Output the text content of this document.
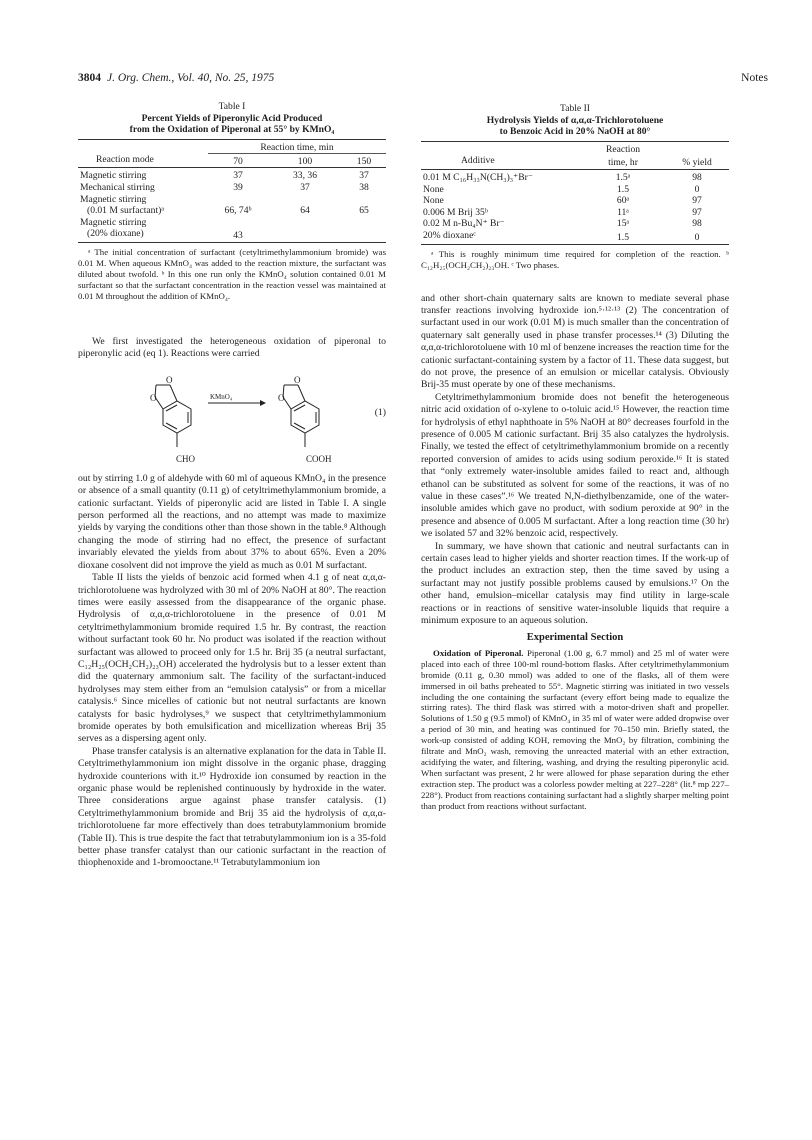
3804 J. Org. Chem., Vol. 40, No. 25, 1975	Notes
Table I
Percent Yields of Piperonylic Acid Produced
from the Oxidation of Piperonal at 55° by KMnO₄
	Reaction time, min		
Reaction mode	70	100	150
Magnetic stirring	37	33, 36	37
Mechanical stirring	39	37	38
Magnetic stirring			
(0.01 M surfactant)ᵃ	66, 74ᵇ	64	65
Magnetic stirring			
(20% dioxane)	43		
ᵃ The initial concentration of surfactant (cetyltrimethylammonium bromide) was 0.01 M. When aqueous KMnO₄ was added to the reaction mixture, the surfactant was diluted about twofold. ᵇ In this one run only the KMnO₄ solution contained 0.01 M surfactant so that the surfactant concentration in the reaction vessel was maintained at 0.01 M throughout the addition of KMnO₄.

We first investigated the heterogeneous oxidation of piperonal to piperonylic acid (eq 1). Reactions were carried

O
O
O
O
KMnO₄
CHO	COOH
(1)

out by stirring 1.0 g of aldehyde with 60 ml of aqueous KMnO₄ in the presence or absence of a small quantity (0.11 g) of cetyltrimethylammonium bromide, a cationic surfactant. Yields of piperonylic acid are listed in Table I. A single person performed all the reactions, and no attempt was made to maximize yields by varying the conditions other than those shown in the table.⁸ Although changing the mode of stirring had no effect, the presence of surfactant invariably elevated the yields from about 37% to about 65%. Even a 20% dioxane cosolvent did not improve the yield as much as 0.01 M surfactant.

Table II lists the yields of benzoic acid formed when 4.1 g of neat α,α,α-trichlorotoluene was hydrolyzed with 30 ml of 20% NaOH at 80°. The reaction times were easily assessed from the disappearance of the organic phase. Hydrolysis of α,α,α-trichlorotoluene in the presence of 0.01 M cetyltrimethylammonium bromide required 1.5 hr. By contrast, the reaction without surfactant took 60 hr. No product was isolated if the reaction without surfactant was allowed to proceed only for 1.5 hr. Brij 35 (a neutral surfactant, C₁₂H₂₅(OCH₂CH₂)₂₃OH) accelerated the hydrolysis but to a lesser extent than did the quaternary ammonium salt. The facility of the surfactant-induced hydrolyses may stem either from an “emulsion catalysis” or from a micellar catalysis.⁶ Since micelles of cationic but not neutral surfactants are known catalysts for basic hydrolyses,⁹ we suspect that cetyltrimethylammonium bromide operates by both emulsification and micellization whereas Brij 35 serves as a dispersing agent only.

Phase transfer catalysis is an alternative explanation for the data in Table II. Cetyltrimethylammonium ion might dissolve in the organic phase, dragging hydroxide counterions with it.¹⁰ Hydroxide ion consumed by reaction in the organic phase would be replenished continuously by hydroxide in the water. Three considerations argue against phase transfer catalysis. (1) Cetyltrimethylammonium bromide and Brij 35 aid the hydrolysis of α,α,α-trichlorotoluene far more effectively than does tetrabutylammonium bromide (Table II). This is true despite the fact that tetrabutylammonium ion is a 35-fold better phase transfer catalyst than our cationic surfactant in the reaction of thiophenoxide and 1-bromooctane.¹¹ Tetrabutylammonium ion

Table II
Hydrolysis Yields of α,α,α-Trichlorotoluene
to Benzoic Acid in 20% NaOH at 80°
	Reaction	
Additive	time, hr	% yield
0.01 M C₁₆H₃₃N(CH₃)₃⁺Br⁻	1.5ᵃ	98
None	1.5	0
None	60ᵃ	97
0.006 M Brij 35ᵇ	11ᵃ	97
0.02 M n-Bu₄N⁺ Br⁻	15ᵃ	98
20% dioxaneᶜ	1.5	0
ᵃ This is roughly minimum time required for completion of the reaction. ᵇ C₁₂H₂₅(OCH₂CH₂)₂₃OH. ᶜ Two phases.

and other short-chain quaternary salts are known to mediate several phase transfer reactions involving hydroxide ion.⁵·¹²·¹³ (2) The concentration of surfactant used in our work (0.01 M) is much smaller than the concentration of quaternary salt generally used in phase transfer processes.¹⁴ (3) Diluting the α,α,α-trichlorotoluene with 10 ml of benzene increases the reaction time for the cationic surfactant-containing system by a factor of 11. These data suggest, but do not prove, the presence of an emulsion or micellar catalysis. Obviously Brij-35 must operate by one of these mechanisms.

Cetyltrimethylammonium bromide does not benefit the heterogeneous nitric acid oxidation of o-xylene to o-toluic acid.¹⁵ However, the reaction time for hydrolysis of ethyl naphthoate in 5% NaOH at 80° decreases fourfold in the presence of 0.005 M cationic surfactant. Brij 35 also catalyzes the hydrolysis. Finally, we tested the effect of cetyltrimethylammonium bromide on a recently reported conversion of amides to acids using sodium peroxide.¹⁶ It is stated that “only extremely water-insoluble amides failed to react and, although ethanol can be substituted as solvent for some of the reactions, it was of no value in these cases”.¹⁶ We treated N,N-diethylbenzamide, one of the water-insoluble amides which gave no product, with sodium peroxide at 90° in the presence and absence of 0.005 M surfactant. After a long reaction time (30 hr) we isolated 57 and 32% benzoic acid, respectively.

In summary, we have shown that cationic and neutral surfactants can in certain cases lead to higher yields and shorter reaction times. If the work-up of the product includes an extraction step, then the time saved by using a surfactant may not justify possible problems caused by emulsions.¹⁷ On the other hand, emulsion–micellar catalysis may find utility in large-scale reactions or in reactions of sensitive water-insoluble liquids that require a minimum exposure to an aqueous solution.

Experimental Section

Oxidation of Piperonal. Piperonal (1.00 g, 6.7 mmol) and 25 ml of water were placed into each of three 100-ml round-bottom flasks. After cetyltrimethylammonium bromide (0.11 g, 0.30 mmol) was added to one of the flasks, all of them were immersed in oil baths preheated to 55°. Magnetic stirring was initiated in two vessels including the one containing the surfactant (every effort being made to equalize the stirring rates). The third flask was stirred with a motor-driven shaft and propeller. Solutions of 1.50 g (9.5 mmol) of KMnO₄ in 35 ml of water were added dropwise over a period of 30 min, and heating was continued for 70–150 min. Briefly stated, the work-up consisted of adding KOH, removing the MnO₂ by filtration, combining the filtrate and MnO₂ wash, removing the unreacted material with an ether extraction, acidifying the water, and filtering, washing, and drying the resulting piperonylic acid. When surfactant was present, 2 hr were allowed for phase separation during the ether extraction step. The product was a colorless powder melting at 227–228° (lit.⁸ mp 227–228°). Product from reactions containing surfactant had a slightly sharper melting point than product from reactions without surfactant.
